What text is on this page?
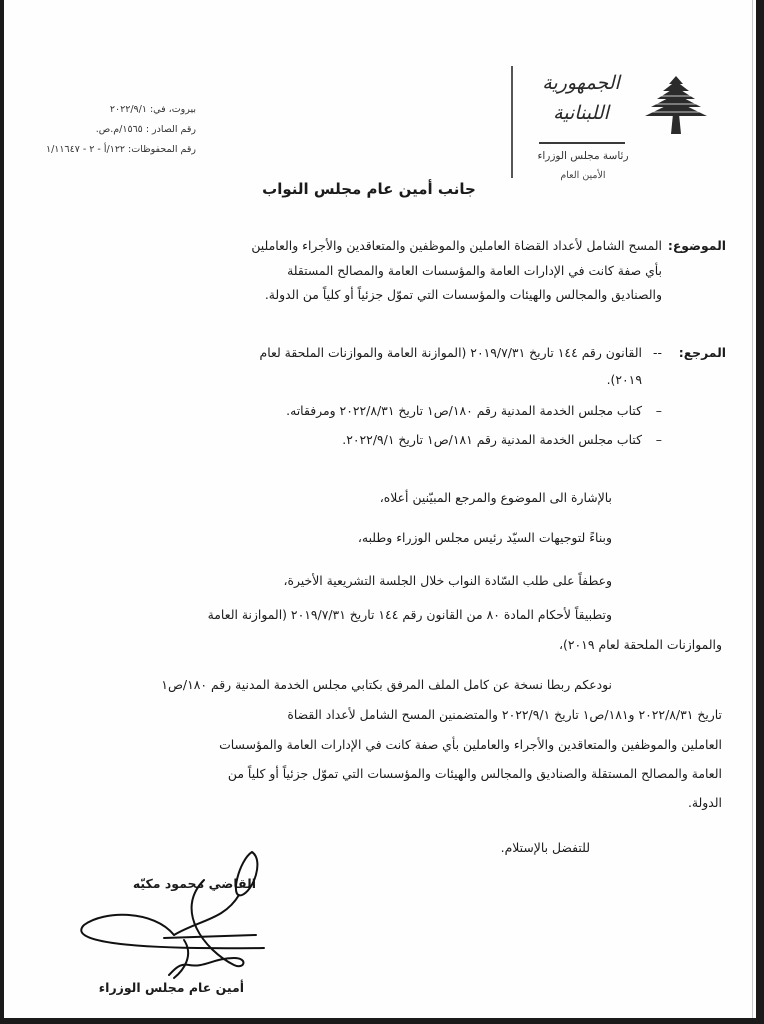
بيروت، في: ٢٠٢٢/٩/١
رقم الصادر : ١٥٦٥/م.ص.
رقم المحفوظات: ١٢٢/أ - ٢ - ١/١١٦٤٧
الجمهورية اللبنانية
رئاسة مجلس الوزراء
الأمين العام
جانب أمين عام مجلس النواب
الموضوع:
المسح الشامل لأعداد القضاة العاملين والموظفين والمتعاقدين والأجراء والعاملين
بأي صفة كانت في الإدارات العامة والمؤسسات العامة والمصالح المستقلة
والصناديق والمجالس والهيئات والمؤسسات التي تموّل جزئياً أو كلياً من الدولة.
المرجع:
--
القانون رقم ١٤٤ تاريخ ٢٠١٩/٧/٣١ (الموازنة العامة والموازنات الملحقة لعام
٢٠١٩).
–
كتاب مجلس الخدمة المدنية رقم ١٨٠/ص١ تاريخ ٢٠٢٢/٨/٣١ ومرفقاته.
–
كتاب مجلس الخدمة المدنية رقم ١٨١/ص١ تاريخ ٢٠٢٢/٩/١.
بالإشارة الى الموضوع والمرجع المبيّنين أعلاه،
وبناءً لتوجيهات السيّد رئيس مجلس الوزراء وطلبه،
وعطفاً على طلب السّادة النواب خلال الجلسة التشريعية الأخيرة،
وتطبيقاً لأحكام المادة ٨٠ من القانون رقم ١٤٤ تاريخ ٢٠١٩/٧/٣١ (الموازنة العامة
والموازنات الملحقة لعام ٢٠١٩)،
نودعكم ربطا نسخة عن كامل الملف المرفق بكتابي مجلس الخدمة المدنية رقم ١٨٠/ص١
تاريخ ٢٠٢٢/٨/٣١ و١٨١/ص١ تاريخ ٢٠٢٢/٩/١ والمتضمنين المسح الشامل لأعداد القضاة
العاملين والموظفين والمتعاقدين والأجراء والعاملين بأي صفة كانت في الإدارات العامة والمؤسسات
العامة والمصالح المستقلة والصناديق والمجالس والهيئات والمؤسسات التي تموّل جزئياً أو كلياً من
الدولة.
للتفضل بالإستلام.
القاضي محمود مكيّه
أمين عام مجلس الوزراء
